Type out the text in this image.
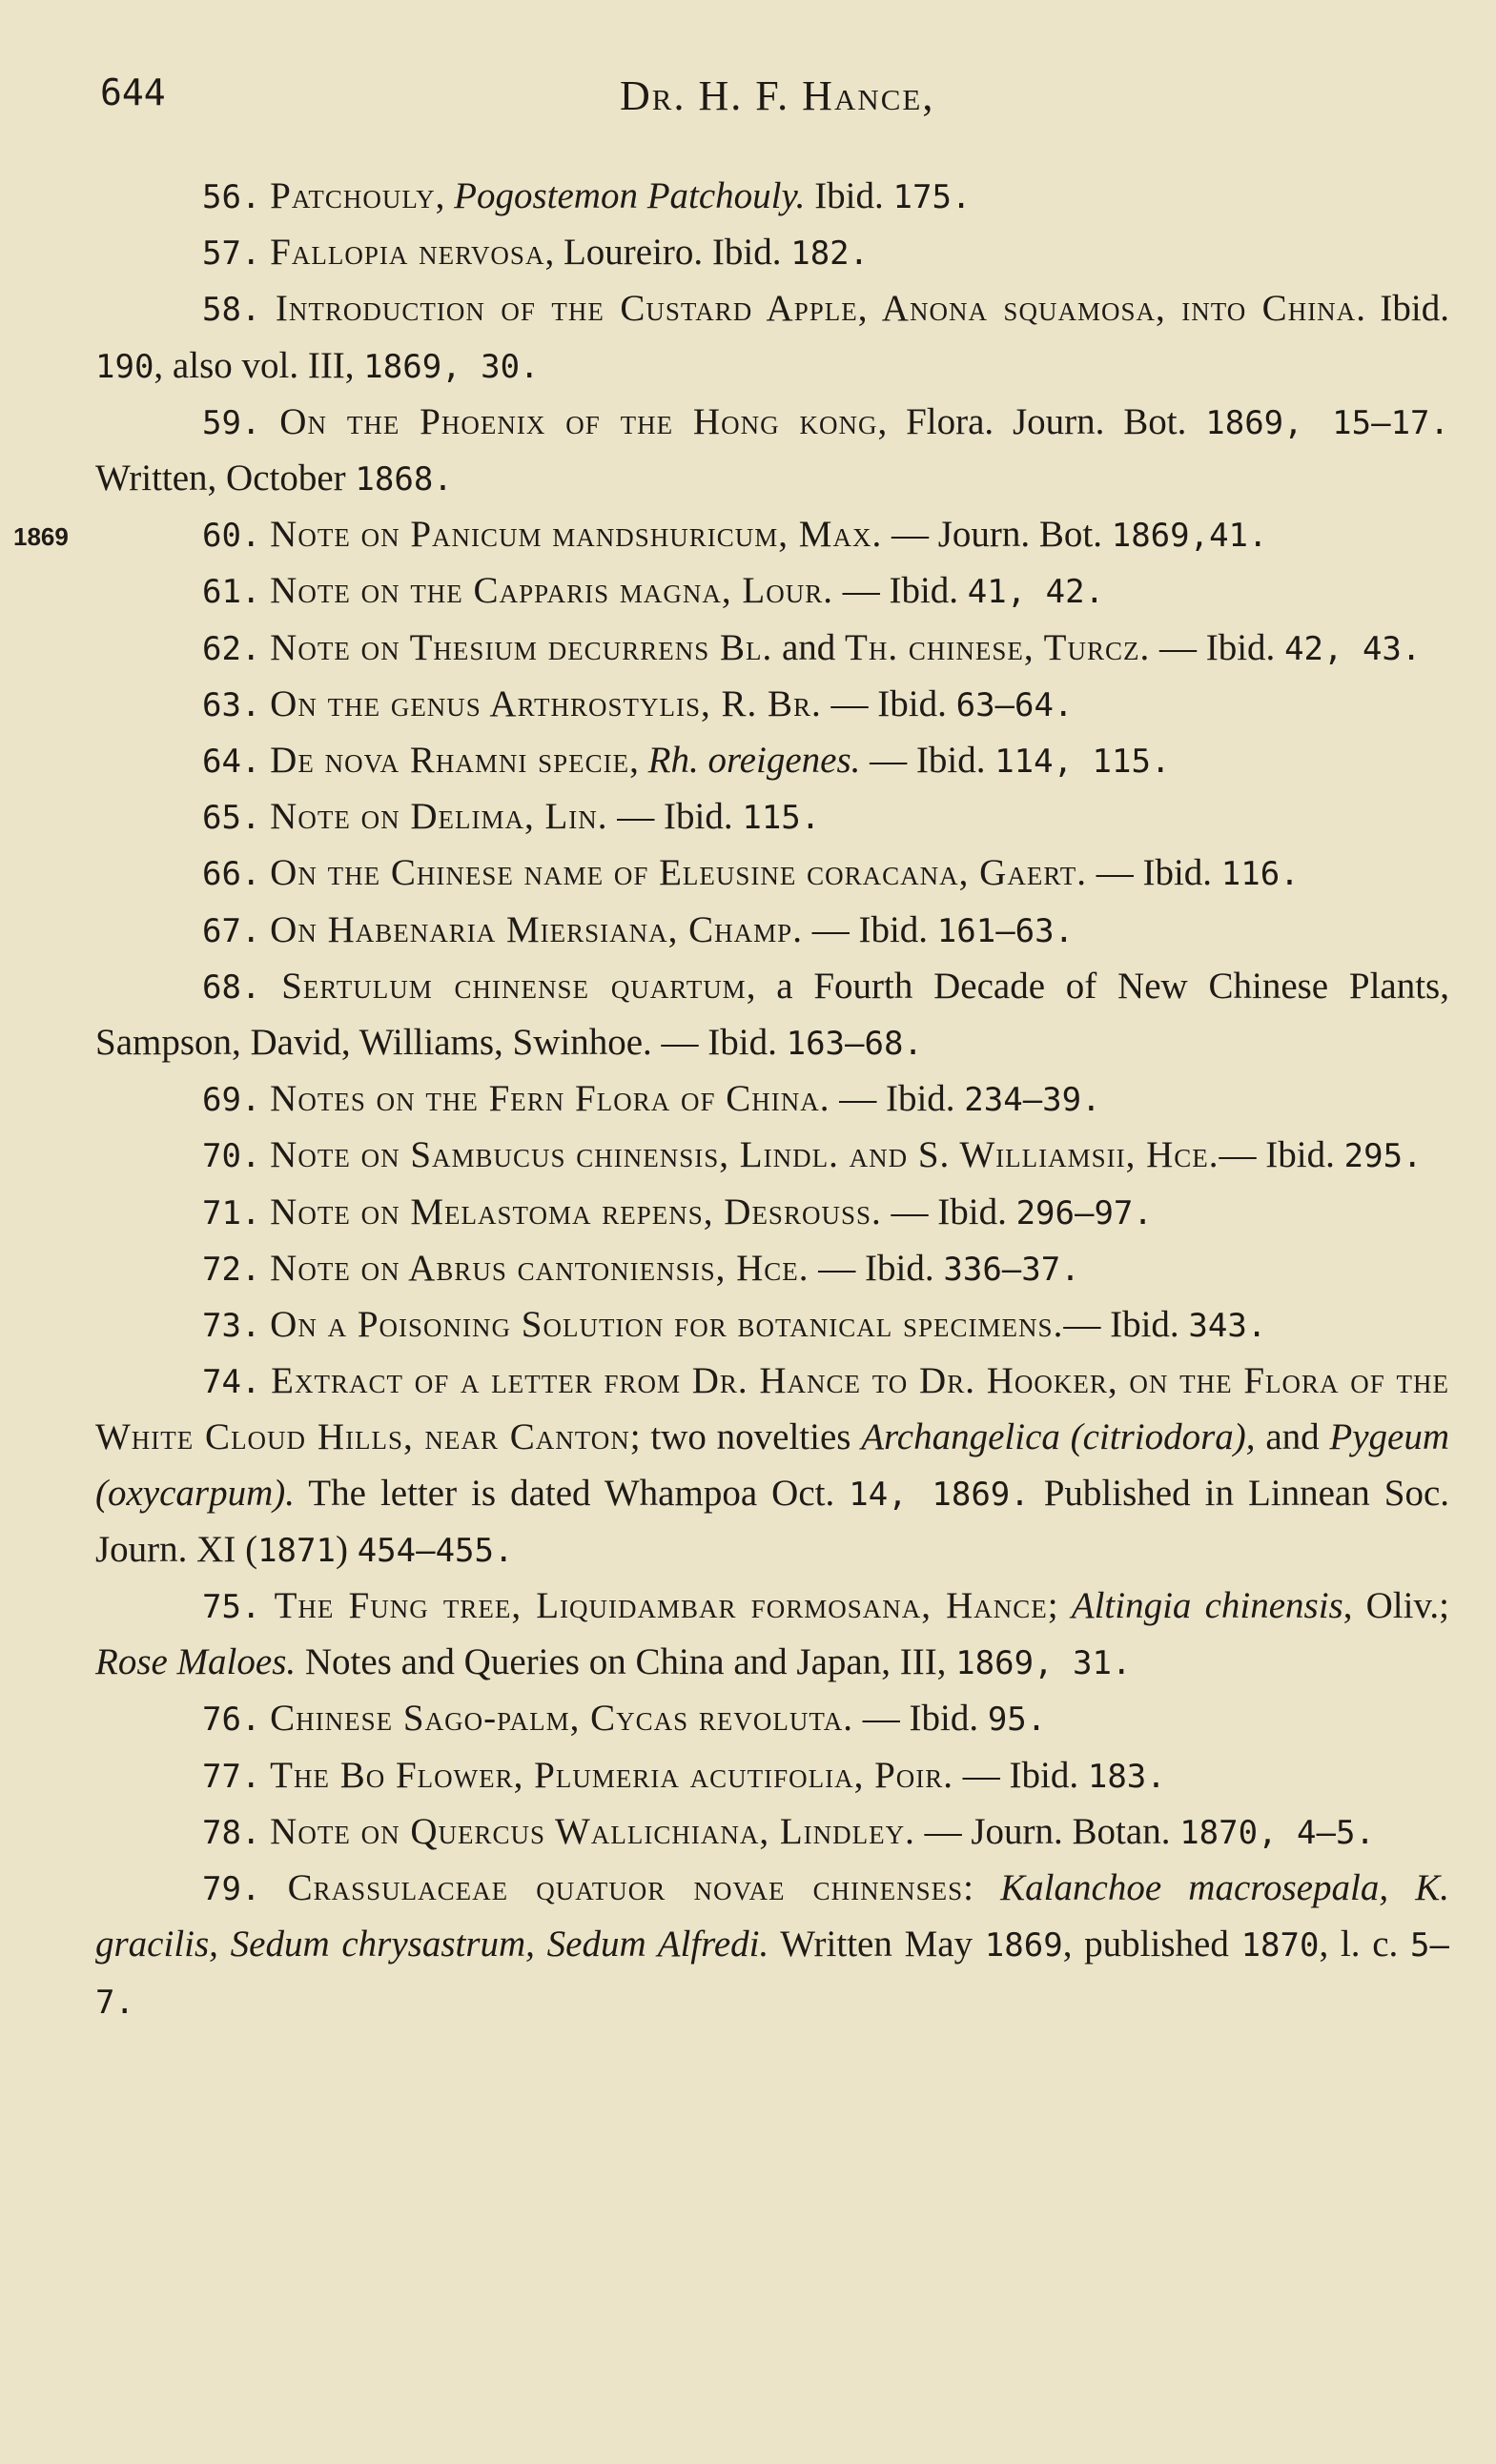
644	Dr. H. F. Hance,
1869

56. Patchouly, Pogostemon Patchouly. Ibid. 175.

57. Fallopia nervosa, Loureiro. Ibid. 182.

58. Introduction of the Custard Apple, Anona squamosa, into China. Ibid. 190, also vol. III, 1869, 30.

59. On the Phoenix of the Hong kong, Flora. Journ. Bot. 1869, 15—17. Written, October 1868.

60. Note on Panicum mandshuricum, Max. — Journ. Bot. 1869,41.

61. Note on the Capparis magna, Lour. — Ibid. 41, 42.

62. Note on Thesium decurrens Bl. and Th. chinese, Turcz. — Ibid. 42, 43.

63. On the genus Arthrostylis, R. Br. — Ibid. 63—64.

64. De nova Rhamni specie, Rh. oreigenes. — Ibid. 114, 115.

65. Note on Delima, Lin. — Ibid. 115.

66. On the Chinese name of Eleusine coracana, Gaert. — Ibid. 116.

67. On Habenaria Miersiana, Champ. — Ibid. 161—63.

68. Sertulum chinense quartum, a Fourth Decade of New Chinese Plants, Sampson, David, Williams, Swinhoe. — Ibid. 163—68.

69. Notes on the Fern Flora of China. — Ibid. 234—39.

70. Note on Sambucus chinensis, Lindl. and S. Williamsii, Hce.— Ibid. 295.

71. Note on Melastoma repens, Desrouss. — Ibid. 296—97.

72. Note on Abrus cantoniensis, Hce. — Ibid. 336—37.

73. On a Poisoning Solution for botanical specimens.— Ibid. 343.

74. Extract of a letter from Dr. Hance to Dr. Hooker, on the Flora of the White Cloud Hills, near Canton; two novelties Archangelica (citriodora), and Pygeum (oxycarpum). The letter is dated Whampoa Oct. 14, 1869. Published in Linnean Soc. Journ. XI (1871) 454—455.

75. The Fung tree, Liquidambar formosana, Hance; Altingia chinensis, Oliv.; Rose Maloes. Notes and Queries on China and Japan, III, 1869, 31.

76. Chinese Sago-palm, Cycas revoluta. — Ibid. 95.

77. The Bo Flower, Plumeria acutifolia, Poir. — Ibid. 183.

78. Note on Quercus Wallichiana, Lindley. — Journ. Botan. 1870, 4—5.

79. Crassulaceae quatuor novae chinenses: Kalanchoe macrosepala, K. gracilis, Sedum chrysastrum, Sedum Alfredi. Written May 1869, published 1870, l. c. 5—7.
